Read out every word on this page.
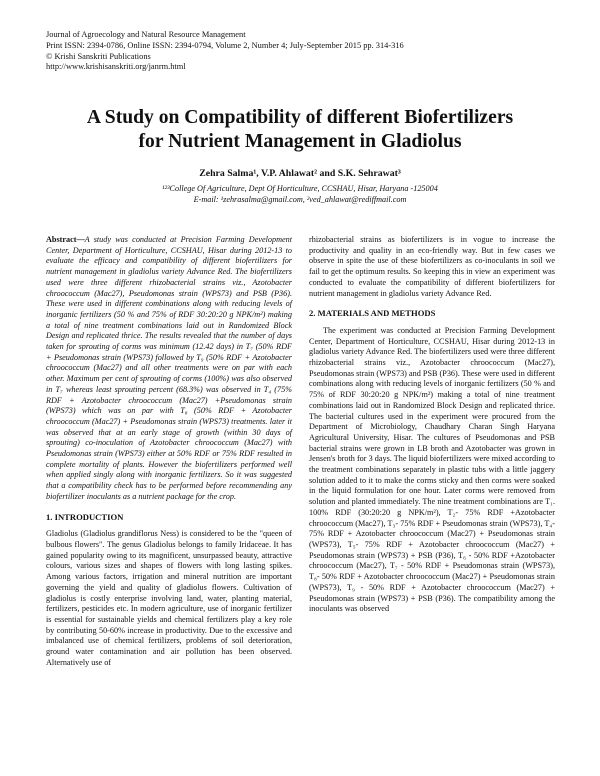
Journal of Agroecology and Natural Resource Management
Print ISSN: 2394-0786, Online ISSN: 2394-0794, Volume 2, Number 4; July-September 2015 pp. 314-316
© Krishi Sanskriti Publications
http://www.krishisanskriti.org/janrm.html
A Study on Compatibility of different Biofertilizers
for Nutrient Management in Gladiolus
Zehra Salma¹, V.P. Ahlawat² and S.K. Sehrawat³
¹²³College Of Agriculture, Dept Of Horticulture, CCSHAU, Hisar, Haryana -125004
E-mail: ¹zehrasalma@gmail.com, ²ved_ahlawat@rediffmail.com

Abstract—A study was conducted at Precision Farming Development Center, Department of Horticulture, CCSHAU, Hisar during 2012-13 to evaluate the efficacy and compatibility of different biofertilizers for nutrient management in gladiolus variety Advance Red. The biofertilizers used were three different rhizobacterial strains viz., Azotobacter chroococcum (Mac27), Pseudomonas strain (WPS73) and PSB (P36). These were used in different combinations along with reducing levels of inorganic fertilizers (50 % and 75% of RDF 30:20:20 g NPK/m²) making a total of nine treatment combinations laid out in Randomized Block Design and replicated thrice. The results revealed that the number of days taken for sprouting of corms was minimum (12.42 days) in T₇ (50% RDF + Pseudomonas strain (WPS73) followed by T₉ (50% RDF + Azotobacter chroococcum (Mac27) and all other treatments were on par with each other. Maximum per cent of sprouting of corms (100%) was also observed in T₇ whereas least sprouting percent (68.3%) was observed in T₄ (75% RDF + Azotobacter chroococcum (Mac27) +Pseudomonas strain (WPS73) which was on par with T₈ (50% RDF + Azotobacter chroococcum (Mac27) + Pseudomonas strain (WPS73) treatments. later it was observed that at an early stage of growth (within 30 days of sprouting) co-inoculation of Azotobacter chroococcum (Mac27) with Pseudomonas strain (WPS73) either at 50% RDF or 75% RDF resulted in complete mortality of plants. However the biofertilizers performed well when applied singly along with inorganic fertilizers. So it was suggested that a compatibility check has to be performed before recommending any biofertilizer inoculants as a nutrient package for the crop.

1. INTRODUCTION

Gladiolus (Gladiolus grandiflorus Ness) is considered to be the "queen of bulbous flowers". The genus Gladiolus belongs to family Iridaceae. It has gained popularity owing to its magnificent, unsurpassed beauty, attractive colours, various sizes and shapes of flowers with long lasting spikes. Among various factors, irrigation and mineral nutrition are important governing the yield and quality of gladiolus flowers. Cultivation of gladiolus is costly enterprise involving land, water, planting material, fertilizers, pesticides etc. In modern agriculture, use of inorganic fertilizer is essential for sustainable yields and chemical fertilizers play a key role by contributing 50-60% increase in productivity. Due to the excessive and imbalanced use of chemical fertilizers, problems of soil deterioration, ground water contamination and air pollution has been observed. Alternatively use of

rhizobacterial strains as biofertilizers is in vogue to increase the productivity and quality in an eco-friendly way. But in few cases we observe in spite the use of these biofertilizers as co-inoculants in soil we fail to get the optimum results. So keeping this in view an experiment was conducted to evaluate the compatibility of different biofertilizers for nutrient management in gladiolus variety Advance Red.

2. MATERIALS AND METHODS

The experiment was conducted at Precision Farming Development Center, Department of Horticulture, CCSHAU, Hisar during 2012-13 in gladiolus variety Advance Red. The biofertilizers used were three different rhizobacterial strains viz., Azotobacter chroococcum (Mac27), Pseudomonas strain (WPS73) and PSB (P36). These were used in different combinations along with reducing levels of inorganic fertilizers (50 % and 75% of RDF 30:20:20 g NPK/m²) making a total of nine treatment combinations laid out in Randomized Block Design and replicated thrice. The bacterial cultures used in the experiment were procured from the Department of Microbiology, Chaudhary Charan Singh Haryana Agricultural University, Hisar. The cultures of Pseudomonas and PSB bacterial strains were grown in LB broth and Azotobacter was grown in Jensen's broth for 3 days. The liquid biofertilizers were mixed according to the treatment combinations separately in plastic tubs with a little jaggery solution added to it to make the corms sticky and then corms were soaked in the liquid formulation for one hour. Later corms were removed from solution and planted immediately. The nine treatment combinations are T₁. 100% RDF (30:20:20 g NPK/m²), T₂- 75% RDF +Azotobacter chroococcum (Mac27), T₃- 75% RDF + Pseudomonas strain (WPS73), T₄- 75% RDF + Azotobacter chroococcum (Mac27) + Pseudomonas strain (WPS73), T₅- 75% RDF + Azotobacter chroococcum (Mac27) + Pseudomonas strain (WPS73) + PSB (P36), T₆ - 50% RDF +Azotobacter chroococcum (Mac27), T₇ - 50% RDF + Pseudomonas strain (WPS73), T₈- 50% RDF + Azotobacter chroococcum (Mac27) + Pseudomonas strain (WPS73), T₉ - 50% RDF + Azotobacter chroococcum (Mac27) + Pseudomonas strain (WPS73) + PSB (P36). The compatibility among the inoculants was observed
